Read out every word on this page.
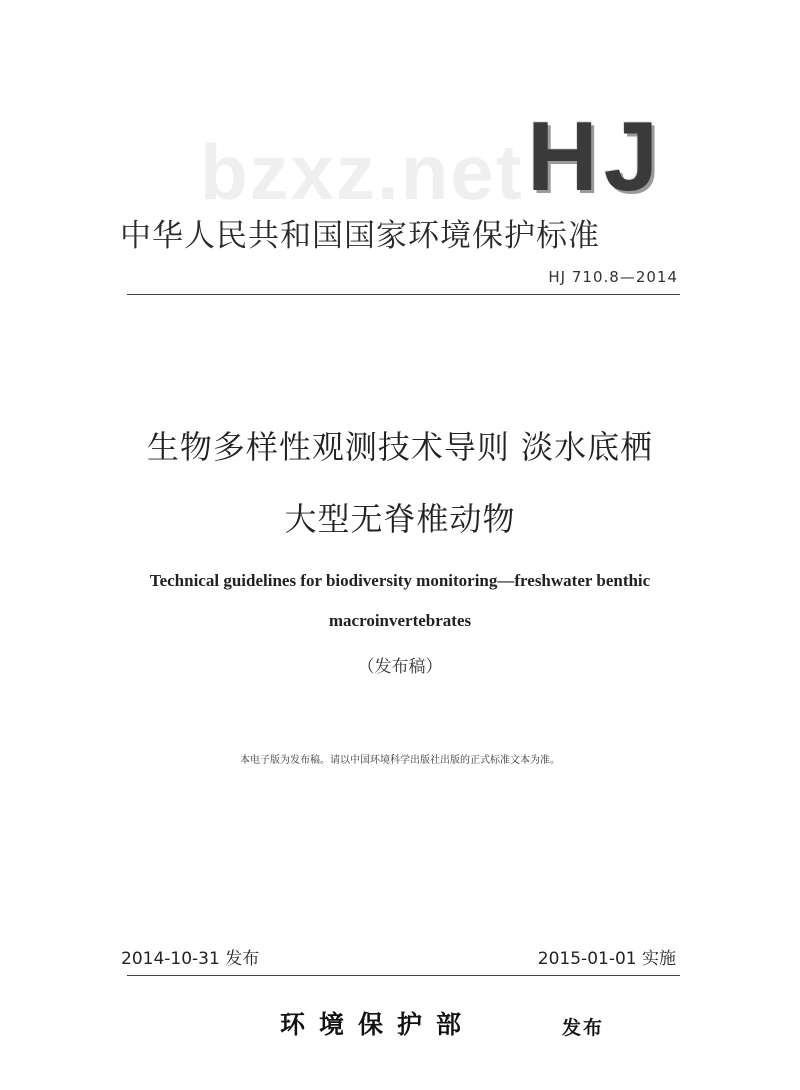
bzxz.net HJ
中华人民共和国国家环境保护标准
HJ 710.8—2014
生物多样性观测技术导则 淡水底栖
大型无脊椎动物
Technical guidelines for biodiversity monitoring—freshwater benthic
macroinvertebrates
（发布稿）
本电子版为发布稿。请以中国环境科学出版社出版的正式标准文本为准。
2014-10-31 发布	2015-01-01 实施
环境保护部	发布
